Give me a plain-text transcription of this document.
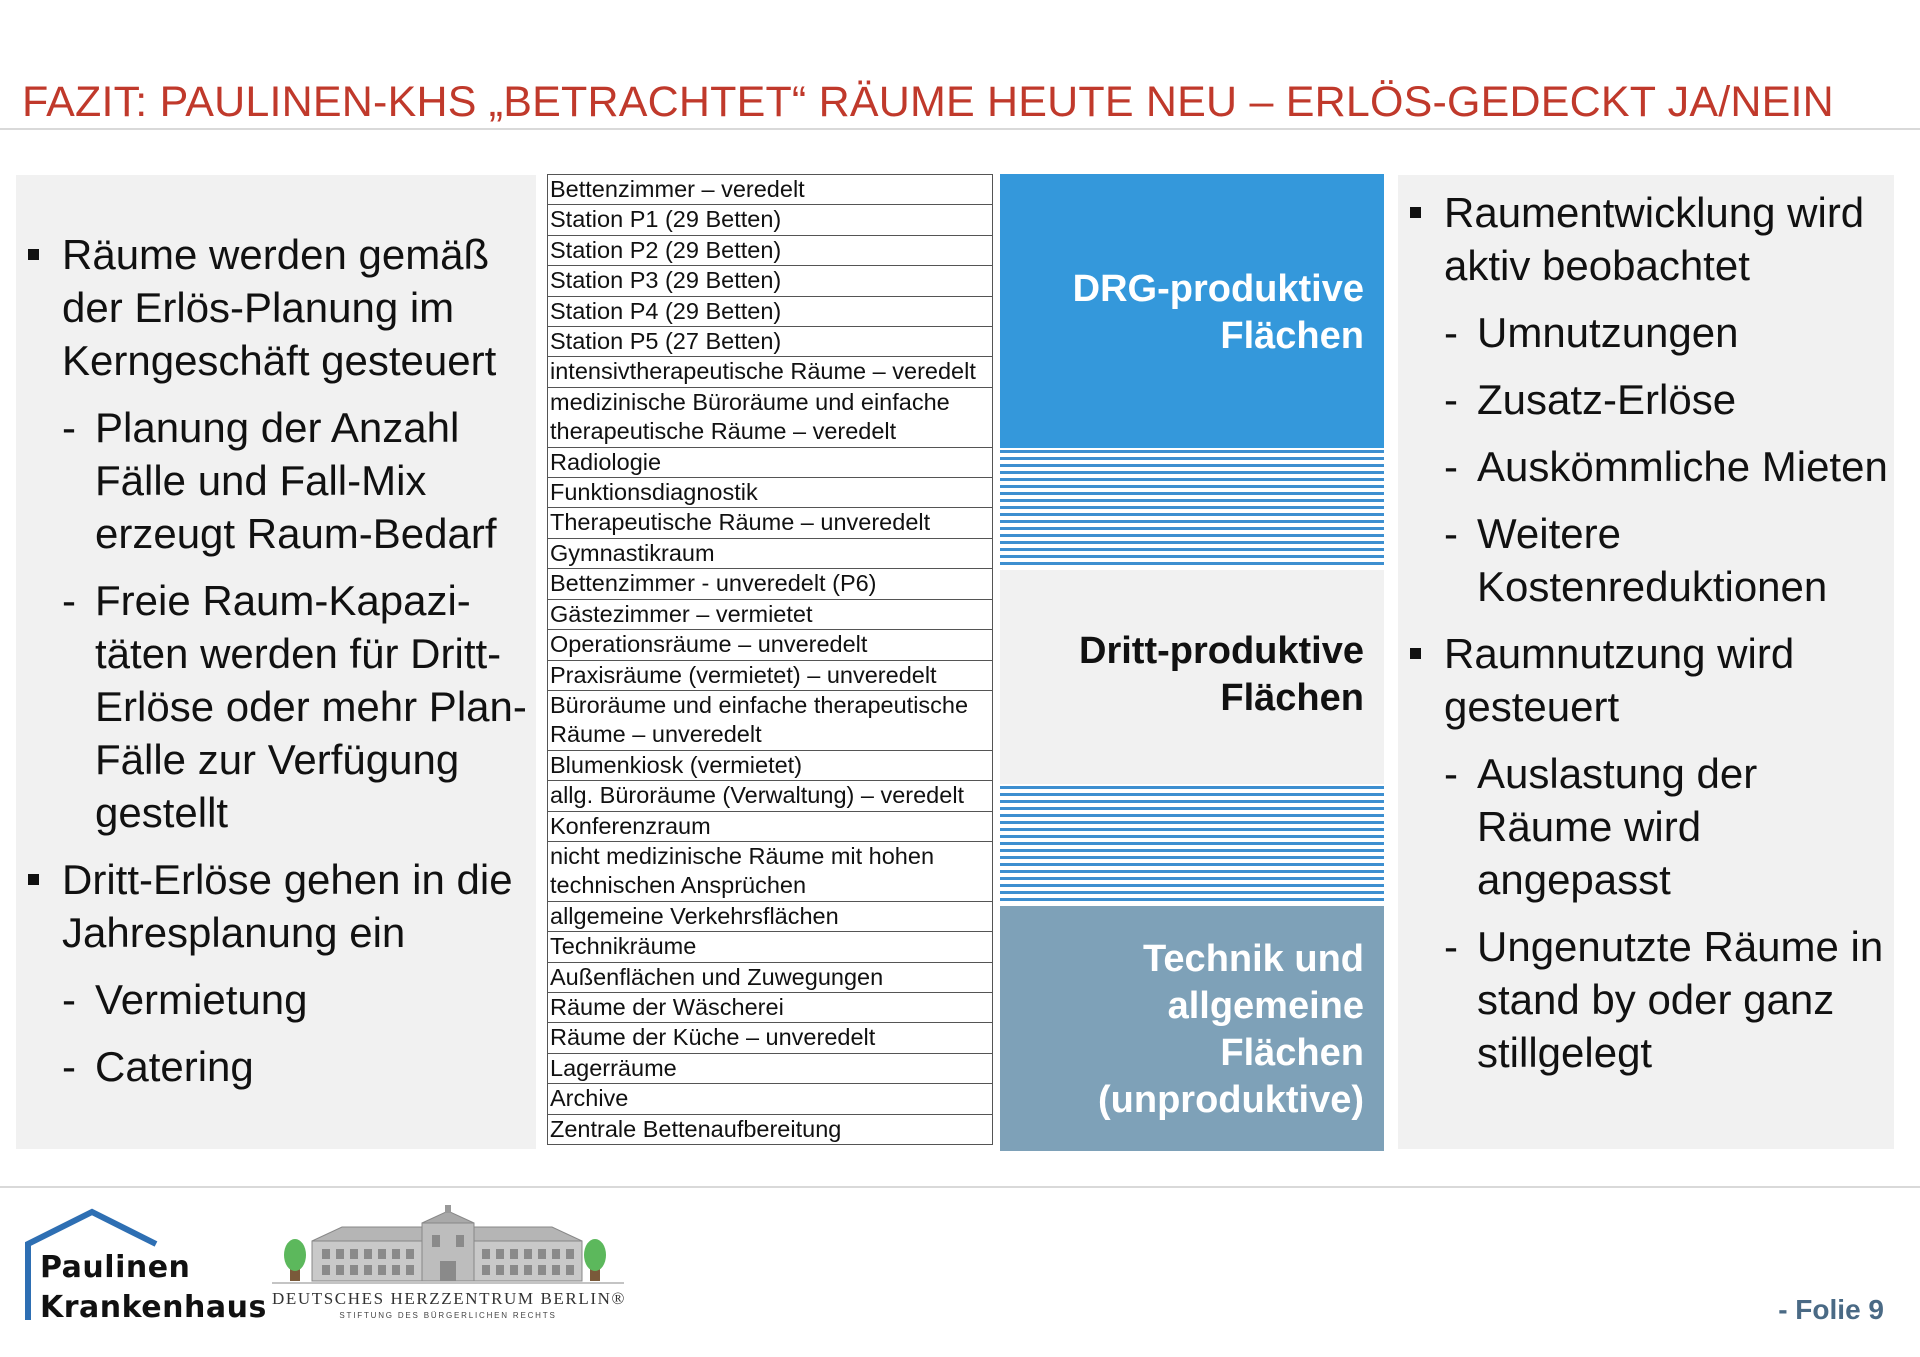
FAZIT: PAULINEN-KHS „BETRACHTET“ RÄUME HEUTE NEU – ERLÖS-GEDECKT JA/NEIN
Räume werden gemäß der Erlös-Planung im Kerngeschäft gesteuert
- Planung der Anzahl Fälle und Fall-Mix erzeugt Raum-Bedarf
- Freie Raum-Kapazi-täten werden für Dritt-Erlöse oder mehr Plan-Fälle zur Verfügung gestellt
Dritt-Erlöse gehen in die Jahresplanung ein
- Vermietung
- Catering
Bettenzimmer – veredelt
Station P1 (29 Betten)
Station P2 (29 Betten)
Station P3 (29 Betten)
Station P4 (29 Betten)
Station P5 (27 Betten)
intensivtherapeutische Räume – veredelt
medizinische Büroräume und einfache therapeutische Räume – veredelt
Radiologie
Funktionsdiagnostik
Therapeutische Räume – unveredelt
Gymnastikraum
Bettenzimmer - unveredelt (P6)
Gästezimmer – vermietet
Operationsräume – unveredelt
Praxisräume (vermietet) – unveredelt
Büroräume und einfache therapeutische Räume – unveredelt
Blumenkiosk (vermietet)
allg. Büroräume (Verwaltung) – veredelt
Konferenzraum
nicht medizinische Räume mit hohen technischen Ansprüchen
allgemeine Verkehrsflächen
Technikräume
Außenflächen und Zuwegungen
Räume der Wäscherei
Räume der Küche – unveredelt
Lagerräume
Archive
Zentrale Bettenaufbereitung
DRG-produktive
Flächen
Dritt-produktive
Flächen
Technik und
allgemeine
Flächen
(unproduktive)
Raumentwicklung wird aktiv beobachtet
- Umnutzungen
- Zusatz-Erlöse
- Auskömmliche Mieten
- Weitere Kostenreduktionen
Raumnutzung wird gesteuert
- Auslastung der Räume wird angepasst
- Ungenutzte Räume in stand by oder ganz stillgelegt
Paulinen
Krankenhaus DEUTSCHES HERZZENTRUM BERLIN®
STIFTUNG DES BÜRGERLICHEN RECHTS	- Folie 9
